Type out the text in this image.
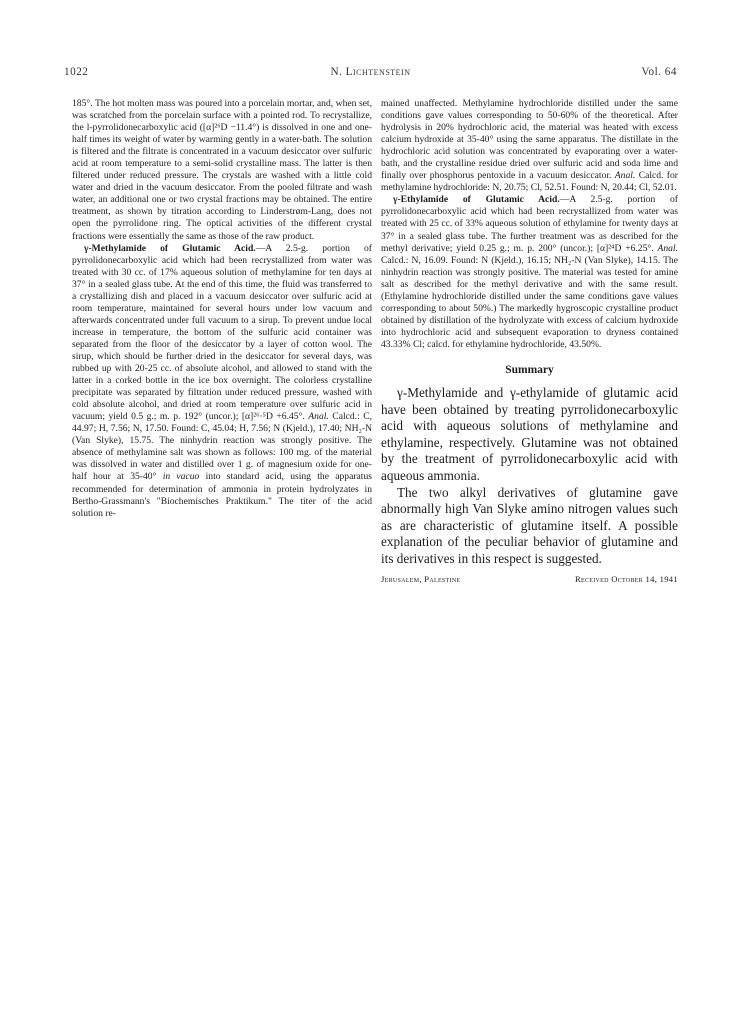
1022	N. Lichtenstein	Vol. 64

185°. The hot molten mass was poured into a porcelain mortar, and, when set, was scratched from the porcelain surface with a pointed rod. To recrystallize, the l-pyrrolidonecarboxylic acid ([α]²⁶D −11.4°) is dissolved in one and one-half times its weight of water by warming gently in a water-bath. The solution is filtered and the filtrate is concentrated in a vacuum desiccator over sulfuric acid at room temperature to a semi-solid crystalline mass. The latter is then filtered under reduced pressure. The crystals are washed with a little cold water and dried in the vacuum desiccator. From the pooled filtrate and wash water, an additional one or two crystal fractions may be obtained. The entire treatment, as shown by titration according to Linderstrøm-Lang, does not open the pyrrolidone ring. The optical activities of the different crystal fractions were essentially the same as those of the raw product.

γ-Methylamide of Glutamic Acid.—A 2.5-g. portion of pyrrolidonecarboxylic acid which had been recrystallized from water was treated with 30 cc. of 17% aqueous solution of methylamine for ten days at 37° in a sealed glass tube. At the end of this time, the fluid was transferred to a crystallizing dish and placed in a vacuum desiccator over sulfuric acid at room temperature, maintained for several hours under low vacuum and afterwards concentrated under full vacuum to a sirup. To prevent undue local increase in temperature, the bottom of the sulfuric acid container was separated from the floor of the desiccator by a layer of cotton wool. The sirup, which should be further dried in the desiccator for several days, was rubbed up with 20-25 cc. of absolute alcohol, and allowed to stand with the latter in a corked bottle in the ice box overnight. The colorless crystalline precipitate was separated by filtration under reduced pressure, washed with cold absolute alcohol, and dried at room temperature over sulfuric acid in vacuum; yield 0.5 g.; m. p. 192° (uncor.); [α]²⁶·⁵D +6.45°. Anal. Calcd.: C, 44.97; H, 7.56; N, 17.50. Found: C, 45.04; H, 7.56; N (Kjeld.), 17.40; NH₂-N (Van Slyke), 15.75. The ninhydrin reaction was strongly positive. The absence of methylamine salt was shown as follows: 100 mg. of the material was dissolved in water and distilled over 1 g. of magnesium oxide for one-half hour at 35-40° in vacuo into standard acid, using the apparatus recommended for determination of ammonia in protein hydrolyzates in Bertho-Grassmann's "Biochemisches Praktikum." The titer of the acid solution re-

mained unaffected. Methylamine hydrochloride distilled under the same conditions gave values corresponding to 50-60% of the theoretical. After hydrolysis in 20% hydrochloric acid, the material was heated with excess calcium hydroxide at 35-40° using the same apparatus. The distillate in the hydrochloric acid solution was concentrated by evaporating over a water-bath, and the crystalline residue dried over sulfuric acid and soda lime and finally over phosphorus pentoxide in a vacuum desiccator. Anal. Calcd. for methylamine hydrochloride: N, 20.75; Cl, 52.51. Found: N, 20.44; Cl, 52.01.

γ-Ethylamide of Glutamic Acid.—A 2.5-g. portion of pyrrolidonecarboxylic acid which had been recrystallized from water was treated with 25 cc. of 33% aqueous solution of ethylamine for twenty days at 37° in a sealed glass tube. The further treatment was as described for the methyl derivative; yield 0.25 g.; m. p. 200° (uncor.); [α]²⁴D +6.25°. Anal. Calcd.: N, 16.09. Found: N (Kjeld.), 16.15; NH₂-N (Van Slyke), 14.15. The ninhydrin reaction was strongly positive. The material was tested for amine salt as described for the methyl derivative and with the same result. (Ethylamine hydrochloride distilled under the same conditions gave values corresponding to about 50%.) The markedly hygroscopic crystalline product obtained by distillation of the hydrolyzate with excess of calcium hydroxide into hydrochloric acid and subsequent evaporation to dryness contained 43.33% Cl; calcd. for ethylamine hydrochloride, 43.50%.

Summary

γ-Methylamide and γ-ethylamide of glutamic acid have been obtained by treating pyrrolidonecarboxylic acid with aqueous solutions of methylamine and ethylamine, respectively. Glutamine was not obtained by the treatment of pyrrolidonecarboxylic acid with aqueous ammonia.

The two alkyl derivatives of glutamine gave abnormally high Van Slyke amino nitrogen values such as are characteristic of glutamine itself. A possible explanation of the peculiar behavior of glutamine and its derivatives in this respect is suggested.

Jerusalem, Palestine	Received October 14, 1941
